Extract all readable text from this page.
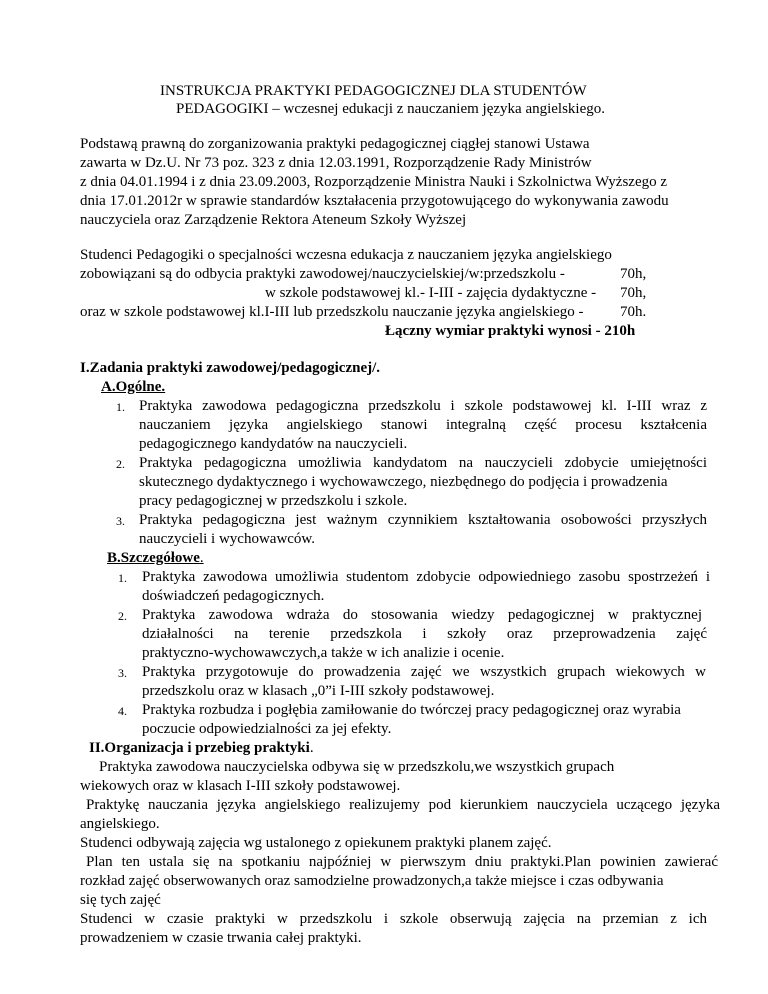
INSTRUKCJA PRAKTYKI PEDAGOGICZNEJ DLA STUDENTÓW
PEDAGOGIKI – wczesnej edukacji z nauczaniem języka angielskiego.
Podstawą prawną do zorganizowania praktyki pedagogicznej ciągłej stanowi Ustawa
zawarta w Dz.U. Nr 73 poz. 323 z dnia 12.03.1991, Rozporządzenie Rady Ministrów
z dnia 04.01.1994 i z dnia 23.09.2003, Rozporządzenie Ministra Nauki i Szkolnictwa Wyższego z
dnia 17.01.2012r w sprawie standardów kształacenia przygotowującego do wykonywania zawodu
nauczyciela oraz Zarządzenie Rektora Ateneum Szkoły Wyższej
Studenci Pedagogiki o specjalności wczesna edukacja z nauczaniem języka angielskiego
zobowiązani są do odbycia praktyki zawodowej/nauczycielskiej/w:przedszkolu -	70h,
w szkole podstawowej kl.- I-III - zajęcia dydaktyczne - 70h,
oraz w szkole podstawowej kl.I-III lub przedszkolu nauczanie języka angielskiego - 70h.
Łączny wymiar praktyki wynosi - 210h
I.Zadania praktyki zawodowej/pedagogicznej/.
A.Ogólne.
1. Praktyka zawodowa pedagogiczna przedszkolu i szkole podstawowej kl. I-III wraz z
nauczaniem języka angielskiego stanowi integralną część procesu kształcenia
pedagogicznego kandydatów na nauczycieli.
2. Praktyka pedagogiczna umożliwia kandydatom na nauczycieli zdobycie umiejętności
skutecznego dydaktycznego i wychowawczego, niezbędnego do podjęcia i prowadzenia
pracy pedagogicznej w przedszkolu i szkole.
3. Praktyka pedagogiczna jest ważnym czynnikiem kształtowania osobowości przyszłych
nauczycieli i wychowawców.
B.Szczegółowe.
1. Praktyka zawodowa umożliwia studentom zdobycie odpowiedniego zasobu spostrzeżeń i
doświadczeń pedagogicznych.
2. Praktyka zawodowa wdraża do stosowania wiedzy pedagogicznej w praktycznej
działalności na terenie przedszkola i szkoły oraz przeprowadzenia zajęć
praktyczno-wychowawczych,a także w ich analizie i ocenie.
3. Praktyka przygotowuje do prowadzenia zajęć we wszystkich grupach wiekowych w
przedszkolu oraz w klasach „0”i I-III szkoły podstawowej.
4. Praktyka rozbudza i pogłębia zamiłowanie do twórczej pracy pedagogicznej oraz wyrabia
poczucie odpowiedzialności za jej efekty.
II.Organizacja i przebieg praktyki.
Praktyka zawodowa nauczycielska odbywa się w przedszkolu,we wszystkich grupach
wiekowych oraz w klasach I-III szkoły podstawowej.
Praktykę nauczania języka angielskiego realizujemy pod kierunkiem nauczyciela uczącego języka
angielskiego.
Studenci odbywają zajęcia wg ustalonego z opiekunem praktyki planem zajęć.
Plan ten ustala się na spotkaniu najpóźniej w pierwszym dniu praktyki.Plan powinien zawierać
rozkład zajęć obserwowanych oraz samodzielne prowadzonych,a także miejsce i czas odbywania
się tych zajęć
Studenci w czasie praktyki w przedszkolu i szkole obserwują zajęcia na przemian z ich
prowadzeniem w czasie trwania całej praktyki.
